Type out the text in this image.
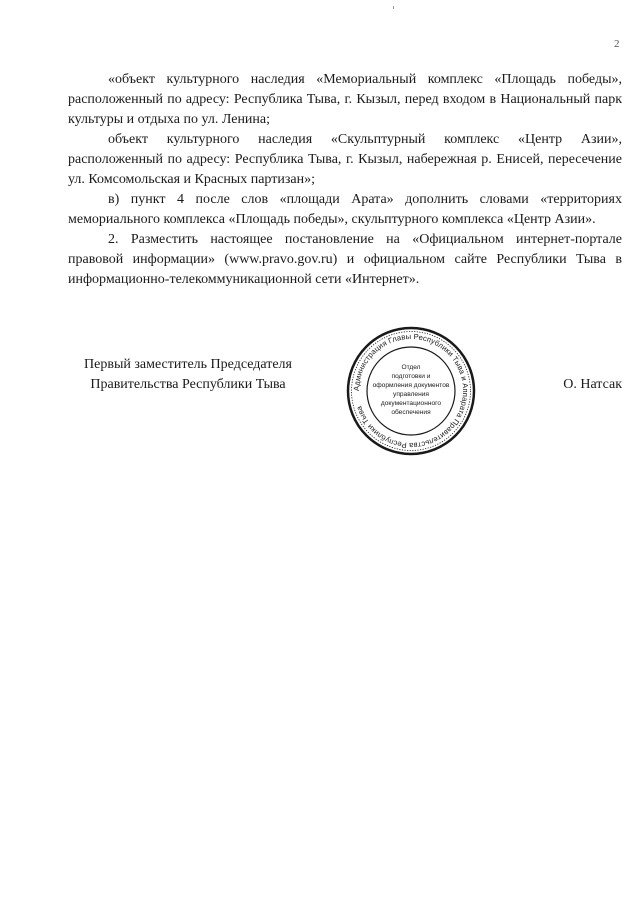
2

«объект культурного наследия «Мемориальный комплекс «Площадь победы», расположенный по адресу: Республика Тыва, г. Кызыл, перед входом в Национальный парк культуры и отдыха по ул. Ленина;

объект культурного наследия «Скульптурный комплекс «Центр Азии», расположенный по адресу: Республика Тыва, г. Кызыл, набережная р. Енисей, пересечение ул. Комсомольская и Красных партизан»;

в) пункт 4 после слов «площади Арата» дополнить словами «территориях мемориального комплекса «Площадь победы», скульптурного комплекса «Центр Азии».

2. Разместить настоящее постановление на «Официальном интернет-портале правовой информации» (www.pravo.gov.ru) и официальном сайте Республики Тыва в информационно-телекоммуникационной сети «Интернет».

Первый заместитель Председателя
Правительства Республики Тыва	О. Натсак
Администрация Главы Республики Тыва и Аппарата Правительства Республики Тыва
Отдел
подготовки и
оформления документов
управления
документационного
обеспечения
